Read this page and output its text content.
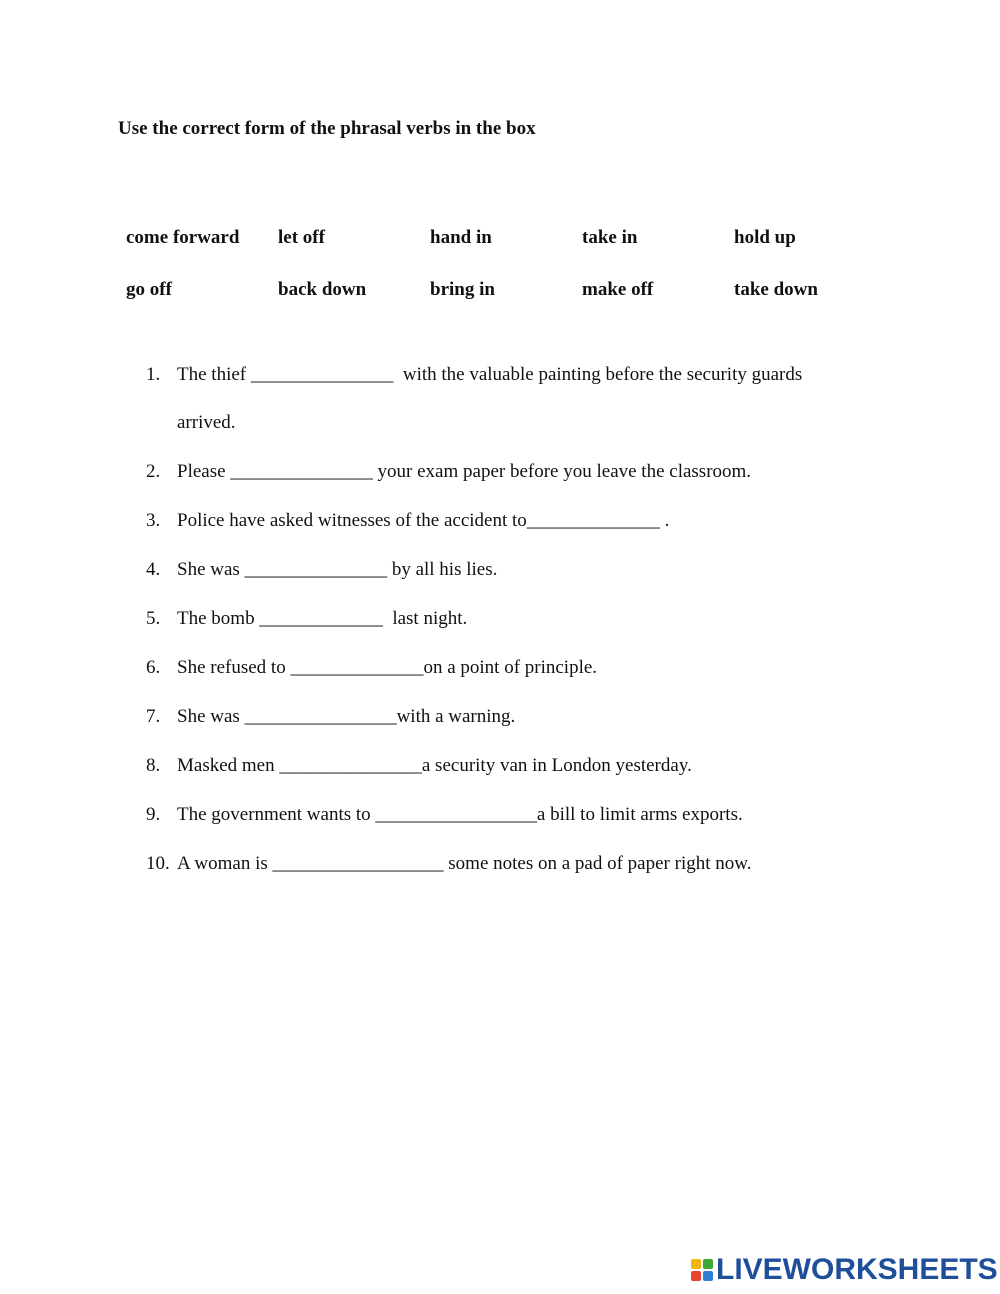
Use the correct form of the phrasal verbs in the box
come forward	let off	hand in	take in	hold up
go off	back down	bring in	make off	take down
1. The thief _______________  with the valuable painting before the security guards
arrived.
2. Please _______________ your exam paper before you leave the classroom.
3. Police have asked witnesses of the accident to______________ .
4. She was _______________ by all his lies.
5. The bomb _____________  last night.
6. She refused to ______________on a point of principle.
7. She was ________________with a warning.
8. Masked men _______________a security van in London yesterday.
9. The government wants to _________________a bill to limit arms exports.
10. A woman is __________________ some notes on a pad of paper right now.
LIVEWORKSHEETS
